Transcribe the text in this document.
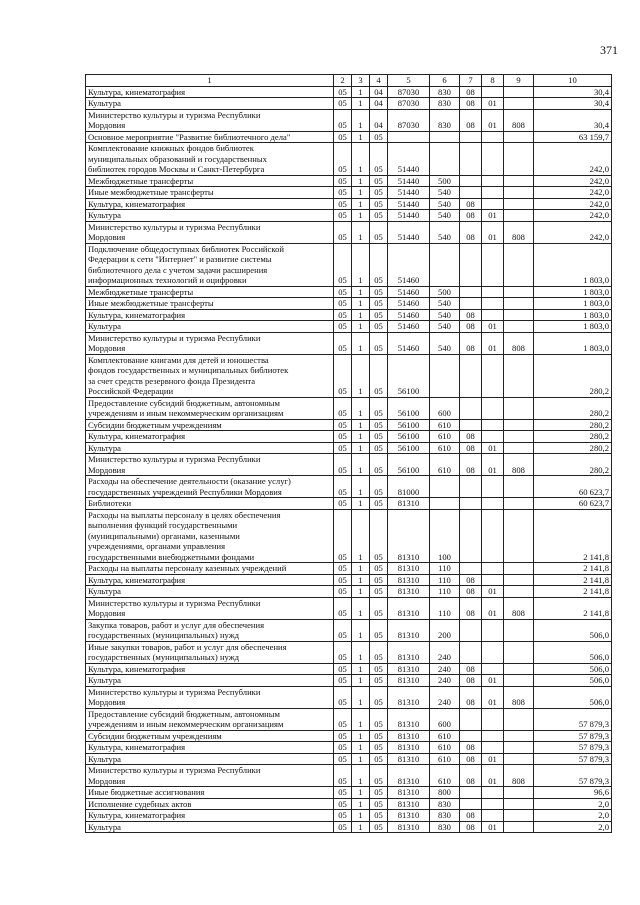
371
1	2	3	4	5	6	7	8	9	10
Культура, кинематография	05	1	04	87030	830	08			30,4
Культура	05	1	04	87030	830	08	01		30,4
Министерство культуры и туризма Республики
Мордовия	05	1	04	87030	830	08	01	808	30,4
Основное мероприятие "Развитие библиотечного дела"	05	1	05						63 159,7
Комплектование книжных фондов библиотек
муниципальных образований и государственных
библиотек городов Москвы и Санкт-Петербурга	05	1	05	51440					242,0
Межбюджетные трансферты	05	1	05	51440	500				242,0
Иные межбюджетные трансферты	05	1	05	51440	540				242,0
Культура, кинематография	05	1	05	51440	540	08			242,0
Культура	05	1	05	51440	540	08	01		242,0
Министерство культуры и туризма Республики
Мордовия	05	1	05	51440	540	08	01	808	242,0
Подключение общедоступных библиотек Российской
Федерации к сети "Интернет" и развитие системы
библиотечного дела с учетом задачи расширения
информационных технологий и оцифровки	05	1	05	51460					1 803,0
Межбюджетные трансферты	05	1	05	51460	500				1 803,0
Иные межбюджетные трансферты	05	1	05	51460	540				1 803,0
Культура, кинематография	05	1	05	51460	540	08			1 803,0
Культура	05	1	05	51460	540	08	01		1 803,0
Министерство культуры и туризма Республики
Мордовия	05	1	05	51460	540	08	01	808	1 803,0
Комплектование книгами для детей и юношества
фондов государственных и муниципальных библиотек
за счет средств резервного фонда Президента
Российской Федерации	05	1	05	56100					280,2
Предоставление субсидий бюджетным, автономным
учреждениям и иным некоммерческим организациям	05	1	05	56100	600				280,2
Субсидии бюджетным учреждениям	05	1	05	56100	610				280,2
Культура, кинематография	05	1	05	56100	610	08			280,2
Культура	05	1	05	56100	610	08	01		280,2
Министерство культуры и туризма Республики
Мордовия	05	1	05	56100	610	08	01	808	280,2
Расходы на обеспечение деятельности (оказание услуг)
государственных учреждений Республики Мордовия	05	1	05	81000					60 623,7
Библиотеки	05	1	05	81310					60 623,7
Расходы на выплаты персоналу в целях обеспечения
выполнения функций государственными
(муниципальными) органами, казенными
учреждениями, органами управления
государственными внебюджетными фондами	05	1	05	81310	100				2 141,8
Расходы на выплаты персоналу казенных учреждений	05	1	05	81310	110				2 141,8
Культура, кинематография	05	1	05	81310	110	08			2 141,8
Культура	05	1	05	81310	110	08	01		2 141,8
Министерство культуры и туризма Республики
Мордовия	05	1	05	81310	110	08	01	808	2 141,8
Закупка товаров, работ и услуг для обеспечения
государственных (муниципальных) нужд	05	1	05	81310	200				506,0
Иные закупки товаров, работ и услуг для обеспечения
государственных (муниципальных) нужд	05	1	05	81310	240				506,0
Культура, кинематография	05	1	05	81310	240	08			506,0
Культура	05	1	05	81310	240	08	01		506,0
Министерство культуры и туризма Республики
Мордовия	05	1	05	81310	240	08	01	808	506,0
Предоставление субсидий бюджетным, автономным
учреждениям и иным некоммерческим организациям	05	1	05	81310	600				57 879,3
Субсидии бюджетным учреждениям	05	1	05	81310	610				57 879,3
Культура, кинематография	05	1	05	81310	610	08			57 879,3
Культура	05	1	05	81310	610	08	01		57 879,3
Министерство культуры и туризма Республики
Мордовия	05	1	05	81310	610	08	01	808	57 879,3
Иные бюджетные ассигнования	05	1	05	81310	800				96,6
Исполнение судебных актов	05	1	05	81310	830				2,0
Культура, кинематография	05	1	05	81310	830	08			2,0
Культура	05	1	05	81310	830	08	01		2,0
